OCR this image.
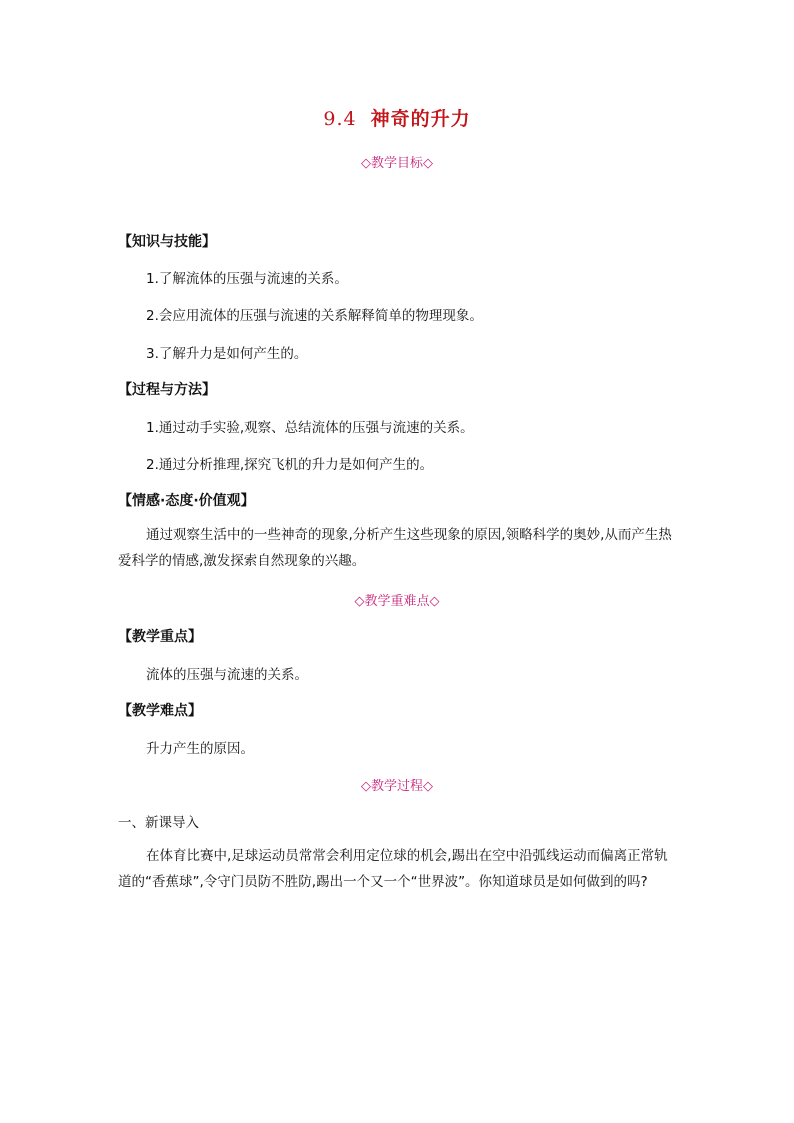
9.4 神奇的升力
◇教学目标◇
【知识与技能】
1.了解流体的压强与流速的关系。
2.会应用流体的压强与流速的关系解释简单的物理现象。
3.了解升力是如何产生的。
【过程与方法】
1.通过动手实验,观察、总结流体的压强与流速的关系。
2.通过分析推理,探究飞机的升力是如何产生的。
【情感·态度·价值观】
通过观察生活中的一些神奇的现象,分析产生这些现象的原因,领略科学的奥妙,从而产生热爱科学的情感,激发探索自然现象的兴趣。
◇教学重难点◇
【教学重点】
流体的压强与流速的关系。
【教学难点】
升力产生的原因。
◇教学过程◇
一、新课导入
在体育比赛中,足球运动员常常会利用定位球的机会,踢出在空中沿弧线运动而偏离正常轨道的“香蕉球”,令守门员防不胜防,踢出一个又一个“世界波”。你知道球员是如何做到的吗?
